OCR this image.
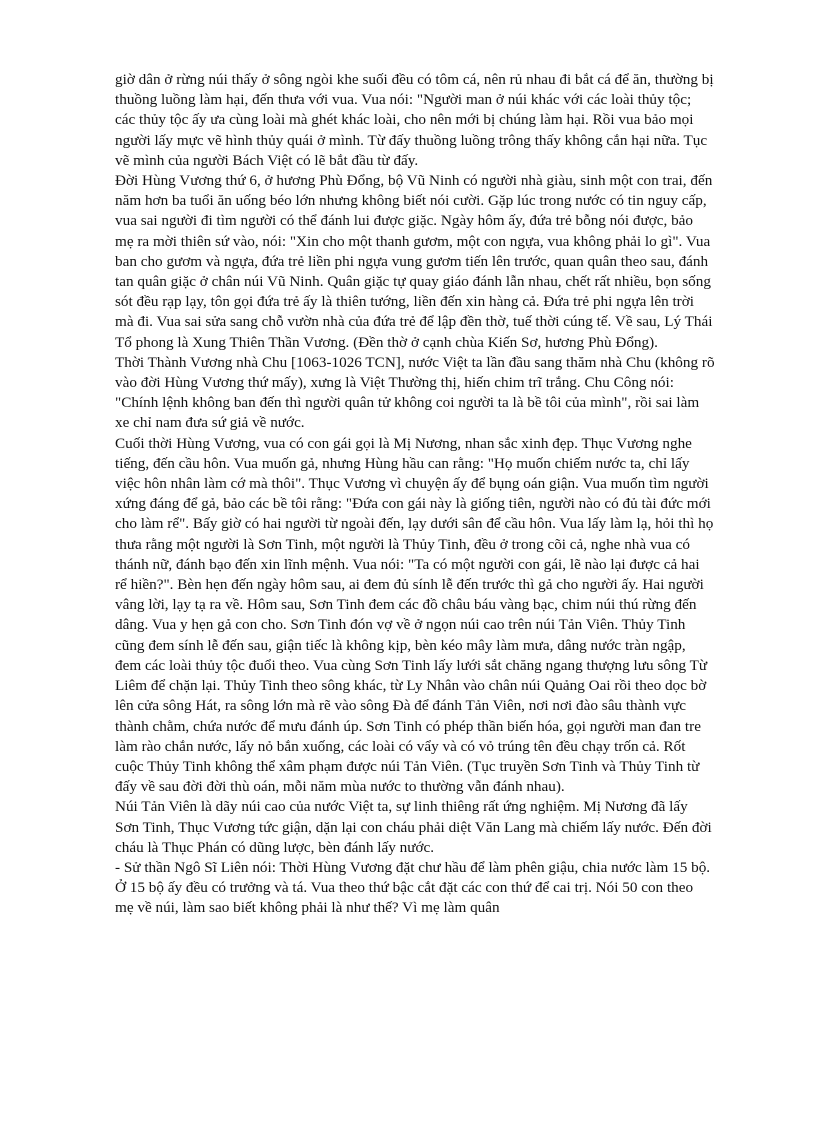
giờ dân ở rừng núi thấy ở sông ngòi khe suối đều có tôm cá, nên rủ nhau đi bắt cá để ăn, thường bị thuồng luồng làm hại, đến thưa với vua. Vua nói: "Người man ở núi khác với các loài thủy tộc; các thủy tộc ấy ưa cùng loài mà ghét khác loài, cho nên mới bị chúng làm hại. Rồi vua bảo mọi người lấy mực vẽ hình thủy quái ở mình. Từ đấy thuồng luồng trông thấy không cắn hại nữa. Tục vẽ mình của người Bách Việt có lẽ bắt đầu từ đấy.

Đời Hùng Vương thứ 6, ở hương Phù Đổng, bộ Vũ Ninh có người nhà giàu, sinh một con trai, đến năm hơn ba tuổi ăn uống béo lớn nhưng không biết nói cười. Gặp lúc trong nước có tin nguy cấp, vua sai người đi tìm người có thể đánh lui được giặc. Ngày hôm ấy, đứa trẻ bỗng nói được, bảo mẹ ra mời thiên sứ vào, nói: "Xin cho một thanh gươm, một con ngựa, vua không phải lo gì". Vua ban cho gươm và ngựa, đứa trẻ liền phi ngựa vung gươm tiến lên trước, quan quân theo sau, đánh tan quân giặc ở chân núi Vũ Ninh. Quân giặc tự quay giáo đánh lẫn nhau, chết rất nhiều, bọn sống sót đều rạp lạy, tôn gọi đứa trẻ ấy là thiên tướng, liền đến xin hàng cả. Đứa trẻ phi ngựa lên trời mà đi. Vua sai sửa sang chỗ vườn nhà của đứa trẻ để lập đền thờ, tuế thời cúng tế. Về sau, Lý Thái Tổ phong là Xung Thiên Thần Vương. (Đền thờ ở cạnh chùa Kiến Sơ, hương Phù Đổng).

Thời Thành Vương nhà Chu [1063-1026 TCN], nước Việt ta lần đầu sang thăm nhà Chu (không rõ vào đời Hùng Vương thứ mấy), xưng là Việt Thường thị, hiến chim trĩ trắng. Chu Công nói: "Chính lệnh không ban đến thì người quân tử không coi người ta là bề tôi của mình", rồi sai làm xe chỉ nam đưa sứ giả về nước.

Cuối thời Hùng Vương, vua có con gái gọi là Mị Nương, nhan sắc xinh đẹp. Thục Vương nghe tiếng, đến cầu hôn. Vua muốn gả, nhưng Hùng hầu can rằng: "Họ muốn chiếm nước ta, chỉ lấy việc hôn nhân làm cớ mà thôi". Thục Vương vì chuyện ấy để bụng oán giận. Vua muốn tìm người xứng đáng để gả, bảo các bề tôi rằng: "Đứa con gái này là giống tiên, người nào có đủ tài đức mới cho làm rể". Bấy giờ có hai người từ ngoài đến, lạy dưới sân để cầu hôn. Vua lấy làm lạ, hỏi thì họ thưa rằng một người là Sơn Tinh, một người là Thủy Tinh, đều ở trong cõi cả, nghe nhà vua có thánh nữ, đánh bạo đến xin lĩnh mệnh. Vua nói: "Ta có một người con gái, lẽ nào lại được cả hai rể hiền?". Bèn hẹn đến ngày hôm sau, ai đem đủ sính lễ đến trước thì gả cho người ấy. Hai người vâng lời, lạy tạ ra về. Hôm sau, Sơn Tinh đem các đồ châu báu vàng bạc, chim núi thú rừng đến dâng. Vua y hẹn gả con cho. Sơn Tinh đón vợ về ở ngọn núi cao trên núi Tản Viên. Thủy Tinh cũng đem sính lễ đến sau, giận tiếc là không kịp, bèn kéo mây làm mưa, dâng nước tràn ngập, đem các loài thủy tộc đuổi theo. Vua cùng Sơn Tinh lấy lưới sắt chăng ngang thượng lưu sông Từ Liêm để chặn lại. Thủy Tinh theo sông khác, từ Ly Nhân vào chân núi Quảng Oai rồi theo dọc bờ lên cửa sông Hát, ra sông lớn mà rẽ vào sông Đà để đánh Tản Viên, nơi nơi đào sâu thành vực thành chằm, chứa nước để mưu đánh úp. Sơn Tinh có phép thần biến hóa, gọi người man đan tre làm rào chắn nước, lấy nỏ bắn xuống, các loài có vẩy và có vỏ trúng tên đều chạy trốn cả. Rốt cuộc Thủy Tinh không thể xâm phạm được núi Tản Viên. (Tục truyền Sơn Tinh và Thủy Tinh từ đấy về sau đời đời thù oán, mỗi năm mùa nước to thường vẫn đánh nhau).

Núi Tản Viên là dãy núi cao của nước Việt ta, sự linh thiêng rất ứng nghiệm. Mị Nương đã lấy Sơn Tinh, Thục Vương tức giận, dặn lại con cháu phải diệt Văn Lang mà chiếm lấy nước. Đến đời cháu là Thục Phán có dũng lược, bèn đánh lấy nước.

- Sử thần Ngô Sĩ Liên nói: Thời Hùng Vương đặt chư hầu để làm phên giậu, chia nước làm 15 bộ. Ở 15 bộ ấy đều có trưởng và tá. Vua theo thứ bậc cắt đặt các con thứ để cai trị. Nói 50 con theo mẹ về núi, làm sao biết không phải là như thế? Vì mẹ làm quân
